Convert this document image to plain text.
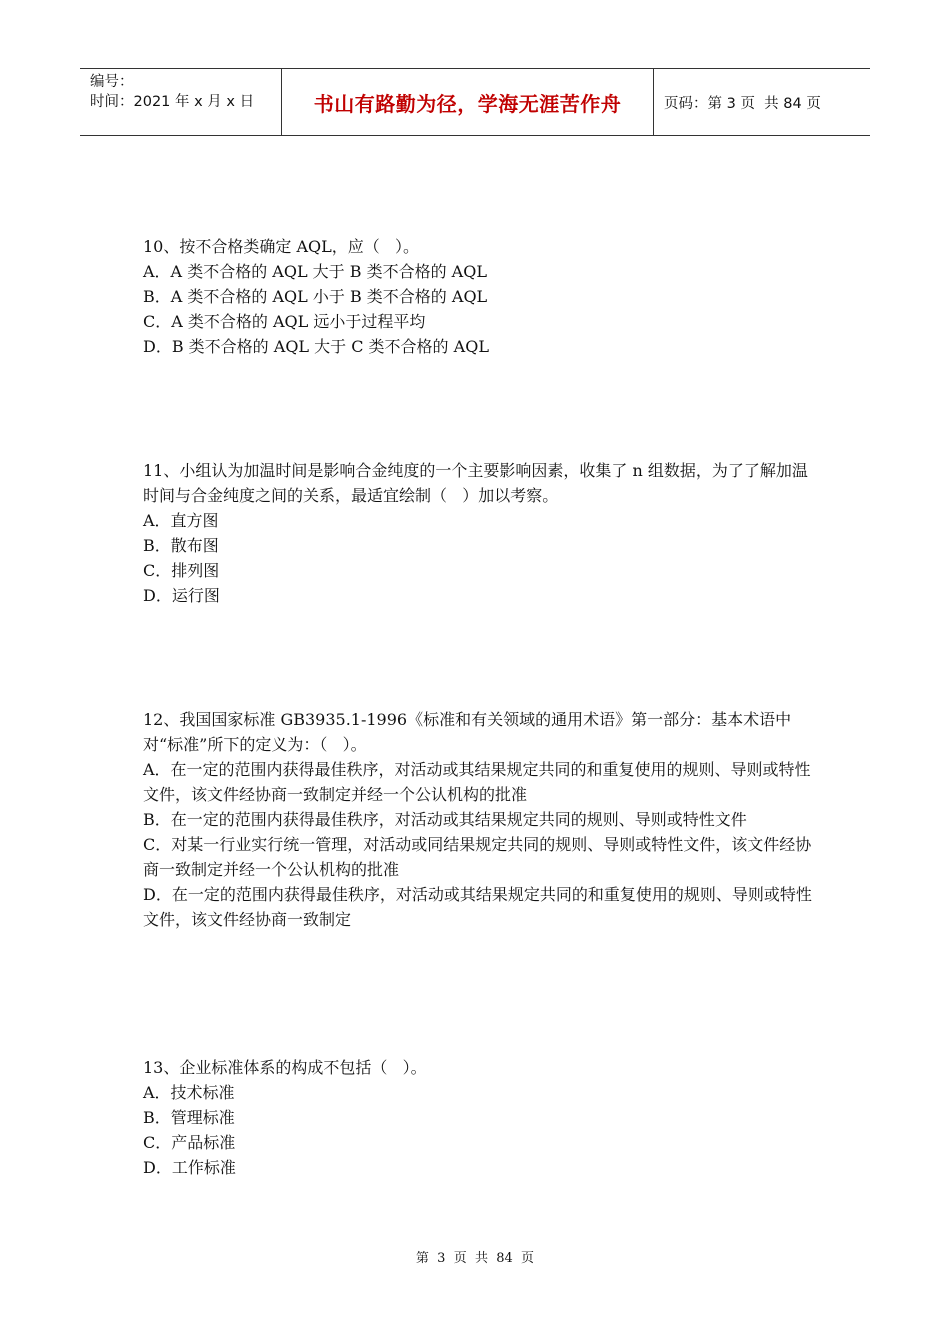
编号：
时间：2021 年 x 月 x 日	书山有路勤为径，学海无涯苦作舟	页码：第 3 页  共 84 页

10、按不合格类确定 AQL，应（   ）。

A．A 类不合格的 AQL 大于 B 类不合格的 AQL

B．A 类不合格的 AQL 小于 B 类不合格的 AQL

C．A 类不合格的 AQL 远小于过程平均

D．B 类不合格的 AQL 大于 C 类不合格的 AQL

11、小组认为加温时间是影响合金纯度的一个主要影响因素，收集了 n 组数据，为了了解加温时间与合金纯度之间的关系，最适宜绘制（   ）加以考察。

A．直方图

B．散布图

C．排列图

D．运行图

12、我国国家标准 GB3935.1-1996《标准和有关领域的通用术语》第一部分：基本术语中对“标准”所下的定义为：（   ）。

A．在一定的范围内获得最佳秩序，对活动或其结果规定共同的和重复使用的规则、导则或特性文件，该文件经协商一致制定并经一个公认机构的批准

B．在一定的范围内获得最佳秩序，对活动或其结果规定共同的规则、导则或特性文件

C．对某一行业实行统一管理，对活动或同结果规定共同的规则、导则或特性文件，该文件经协商一致制定并经一个公认机构的批准

D．在一定的范围内获得最佳秩序，对活动或其结果规定共同的和重复使用的规则、导则或特性文件，该文件经协商一致制定

13、企业标准体系的构成不包括（   ）。

A．技术标准

B．管理标准

C．产品标准

D．工作标准

第  3  页  共  84  页
